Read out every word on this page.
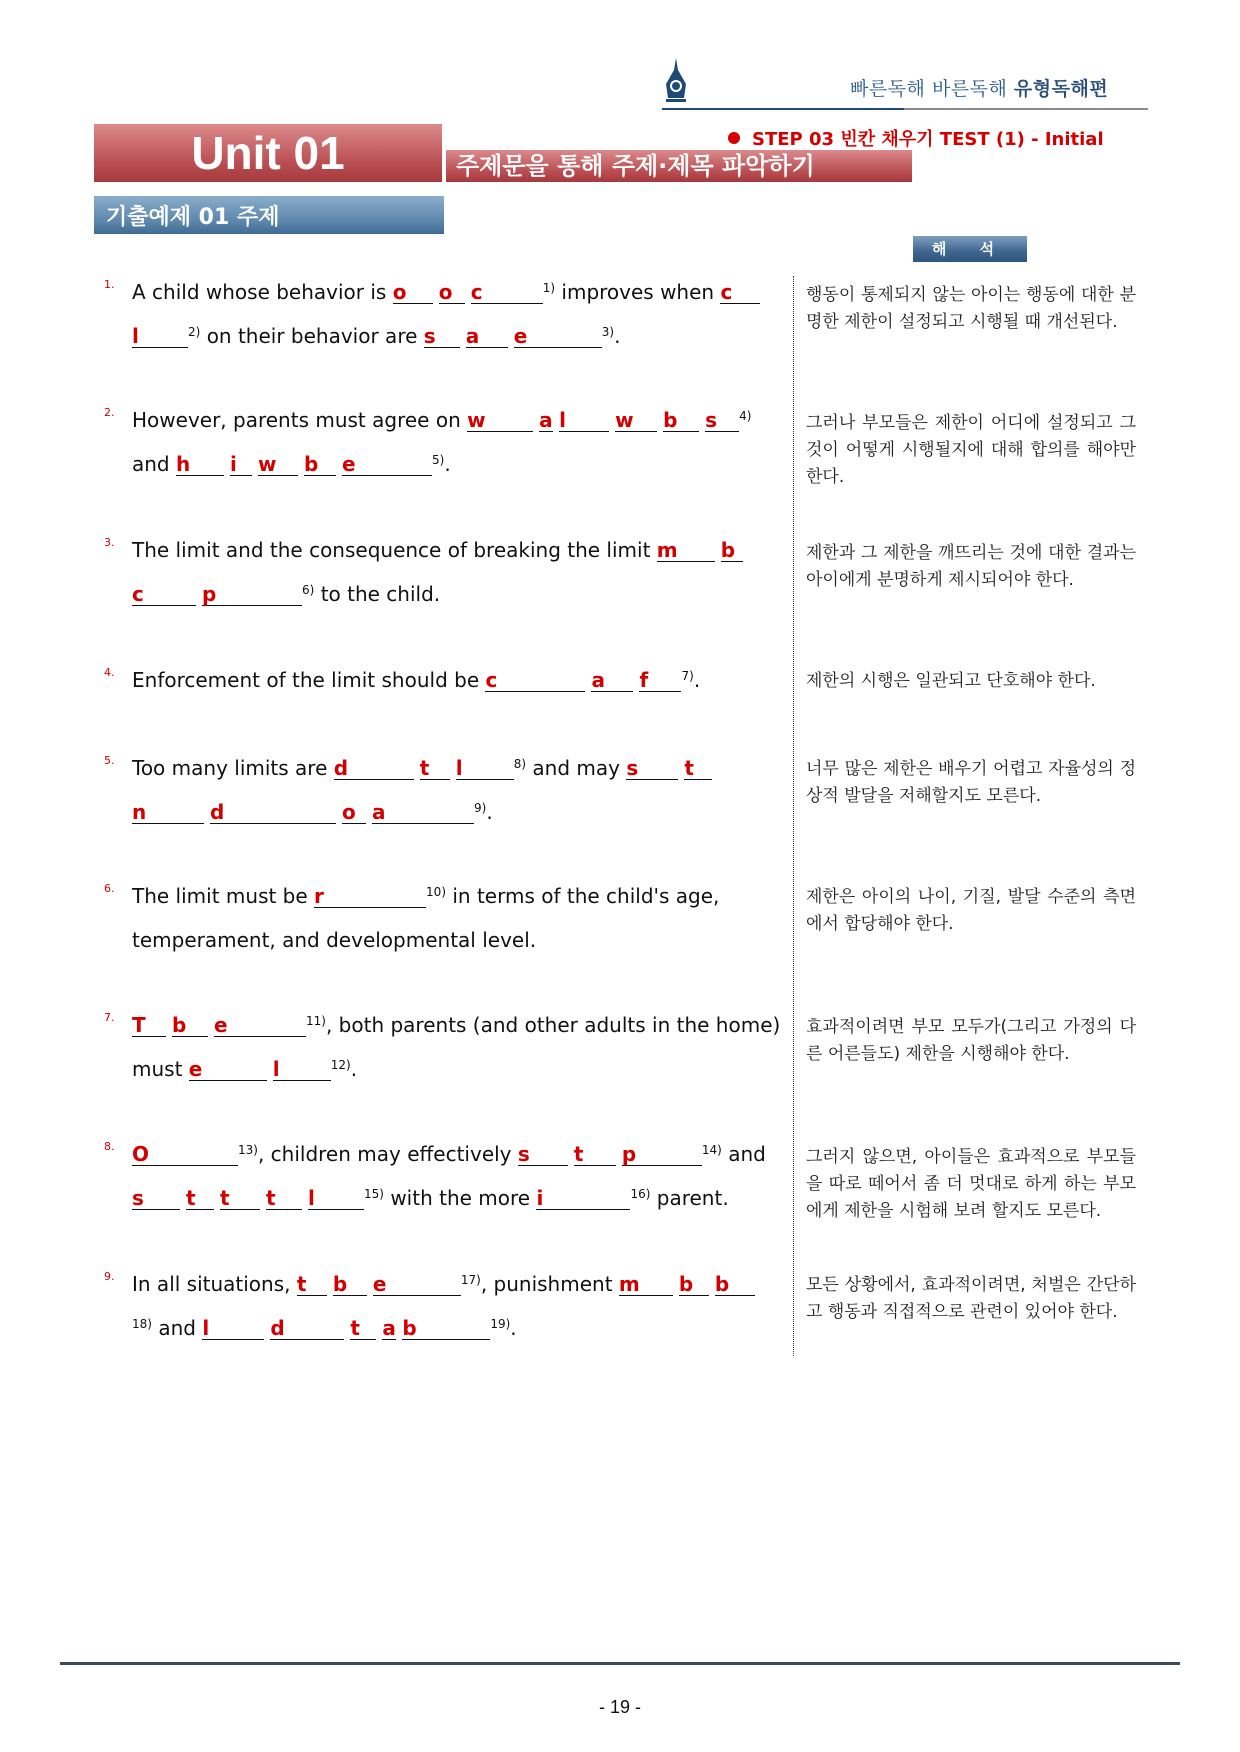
빠른독해 바른독해 유형독해편
Unit 01	주제문을 통해 주제·제목 파악하기
STEP 03 빈칸 채우기 TEST (1) - Initial
기출예제 01 주제
해 석
1. A child whose behavior is o o c	$^{1)}$ improves when c
l	$^{2)}$ on their behavior are s a e	$^{3)}$.
행동이 통제되지 않는 아이는 행동에 대한 분명한 제한이 설정되고 시행될 때 개선된다.
2. However, parents must agree on w	a l w b s $^{4)}$
and h i w b e	$^{5)}$.
그러나 부모들은 제한이 어디에 설정되고 그것이 어떻게 시행될지에 대해 합의를 해야만 한다.
3. The limit and the consequence of breaking the limit m b
c	p	$^{6)}$ to the child.
제한과 그 제한을 깨뜨리는 것에 대한 결과는 아이에게 분명하게 제시되어야 한다.
4. Enforcement of the limit should be c	a f	$^{7)}$.	제한의 시행은 일관되고 단호해야 한다.
5. Too many limits are d	t l	$^{8)}$ and may s t
n	d	o a	$^{9)}$.
너무 많은 제한은 배우기 어렵고 자율성의 정상적 발달을 저해할지도 모른다.
6. The limit must be r	$^{10)}$ in terms of the child's age,
temperament, and developmental level.
제한은 아이의 나이, 기질, 발달 수준의 측면에서 합당해야 한다.
7. T b e	$^{11)}$, both parents (and other adults in the home)
must e	l	$^{12)}$.
효과적이려면 부모 모두가(그리고 가정의 다른 어른들도) 제한을 시행해야 한다.
8. O	$^{13)}$, children may effectively s t p	$^{14)}$ and
s t t t l	$^{15)}$ with the more i	$^{16)}$ parent.
그러지 않으면, 아이들은 효과적으로 부모들을 따로 떼어서 좀 더 멋대로 하게 하는 부모에게 제한을 시험해 보려 할지도 모른다.
9. In all situations, t b e	$^{17)}$, punishment m b b
$^{18)}$ and l	d	t a b	$^{19)}$.
모든 상황에서, 효과적이려면, 처벌은 간단하고 행동과 직접적으로 관련이 있어야 한다.
- 19 -
